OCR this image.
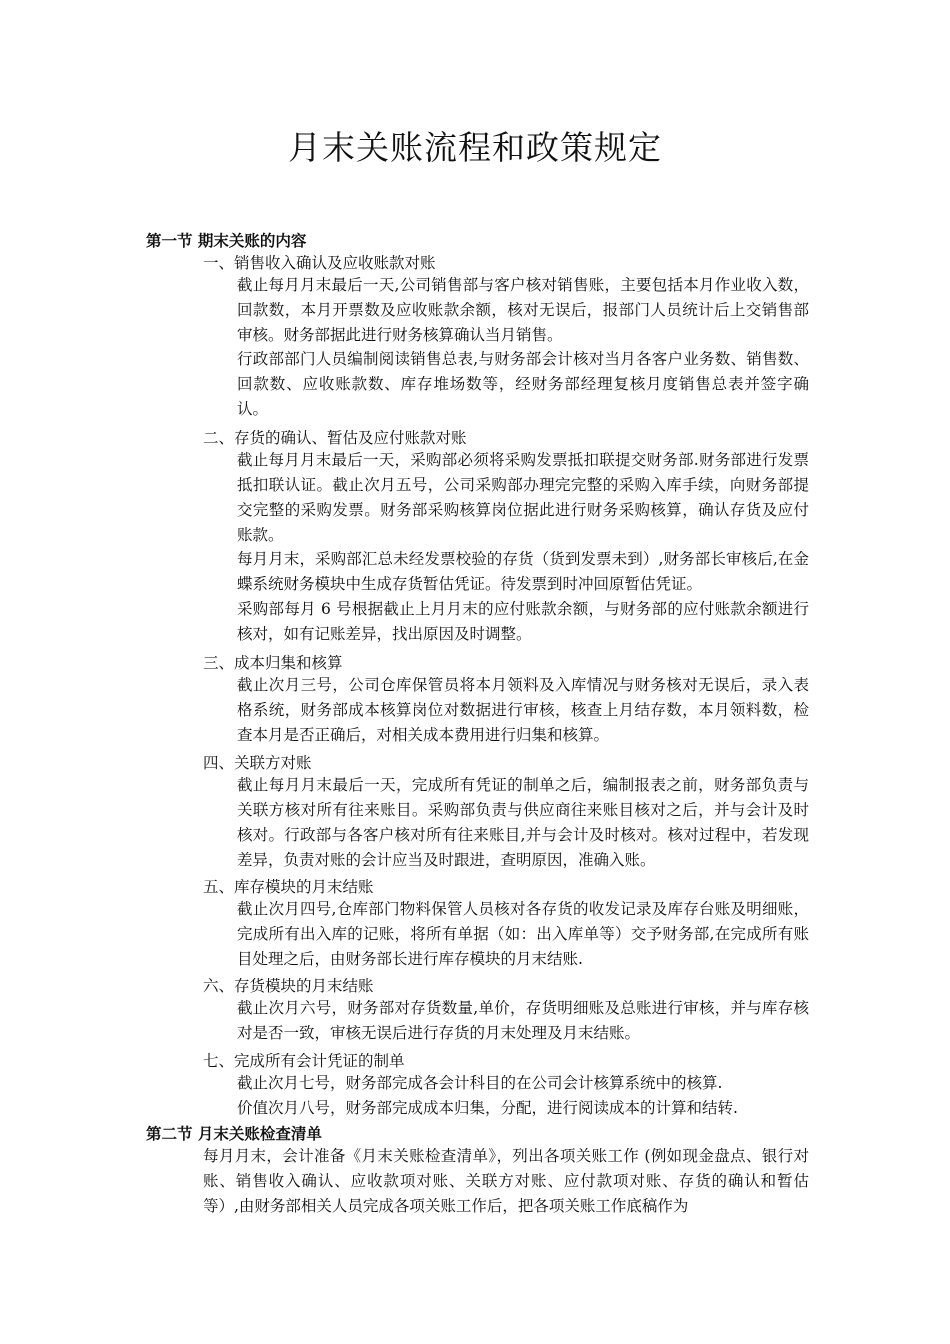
月末关账流程和政策规定
第一节 期末关账的内容
一、销售收入确认及应收账款对账
截止每月月末最后一天,公司销售部与客户核对销售账，主要包括本月作业收入数，回款数，本月开票数及应收账款余额，核对无误后，报部门人员统计后上交销售部审核。财务部据此进行财务核算确认当月销售。
行政部部门人员编制阅读销售总表,与财务部会计核对当月各客户业务数、销售数、回款数、应收账款数、库存堆场数等，经财务部经理复核月度销售总表并签字确认。
二、存货的确认、暂估及应付账款对账
截止每月月末最后一天，采购部必须将采购发票抵扣联提交财务部.财务部进行发票抵扣联认证。截止次月五号，公司采购部办理完完整的采购入库手续，向财务部提交完整的采购发票。财务部采购核算岗位据此进行财务采购核算，确认存货及应付账款。
每月月末，采购部汇总未经发票校验的存货（货到发票未到）,财务部长审核后,在金蝶系统财务模块中生成存货暂估凭证。待发票到时冲回原暂估凭证。
采购部每月 6 号根据截止上月月末的应付账款余额，与财务部的应付账款余额进行核对，如有记账差异，找出原因及时调整。
三、成本归集和核算
截止次月三号，公司仓库保管员将本月领料及入库情况与财务核对无误后，录入表格系统，财务部成本核算岗位对数据进行审核，核查上月结存数，本月领料数，检查本月是否正确后，对相关成本费用进行归集和核算。
四、关联方对账
截止每月月末最后一天，完成所有凭证的制单之后，编制报表之前，财务部负责与关联方核对所有往来账目。采购部负责与供应商往来账目核对之后，并与会计及时核对。行政部与各客户核对所有往来账目,并与会计及时核对。核对过程中，若发现差异，负责对账的会计应当及时跟进，查明原因，准确入账。
五、库存模块的月末结账
截止次月四号,仓库部门物料保管人员核对各存货的收发记录及库存台账及明细账，完成所有出入库的记账，将所有单据（如：出入库单等）交予财务部,在完成所有账目处理之后，由财务部长进行库存模块的月末结账.
六、存货模块的月末结账
截止次月六号，财务部对存货数量,单价，存货明细账及总账进行审核，并与库存核对是否一致，审核无误后进行存货的月末处理及月末结账。
七、完成所有会计凭证的制单
截止次月七号，财务部完成各会计科目的在公司会计核算系统中的核算.
价值次月八号，财务部完成成本归集，分配，进行阅读成本的计算和结转.
第二节 月末关账检查清单
每月月末，会计准备《月末关账检查清单》，列出各项关账工作 (例如现金盘点、银行对账、销售收入确认、应收款项对账、关联方对账、应付款项对账、存货的确认和暂估等）,由财务部相关人员完成各项关账工作后，把各项关账工作底稿作为
